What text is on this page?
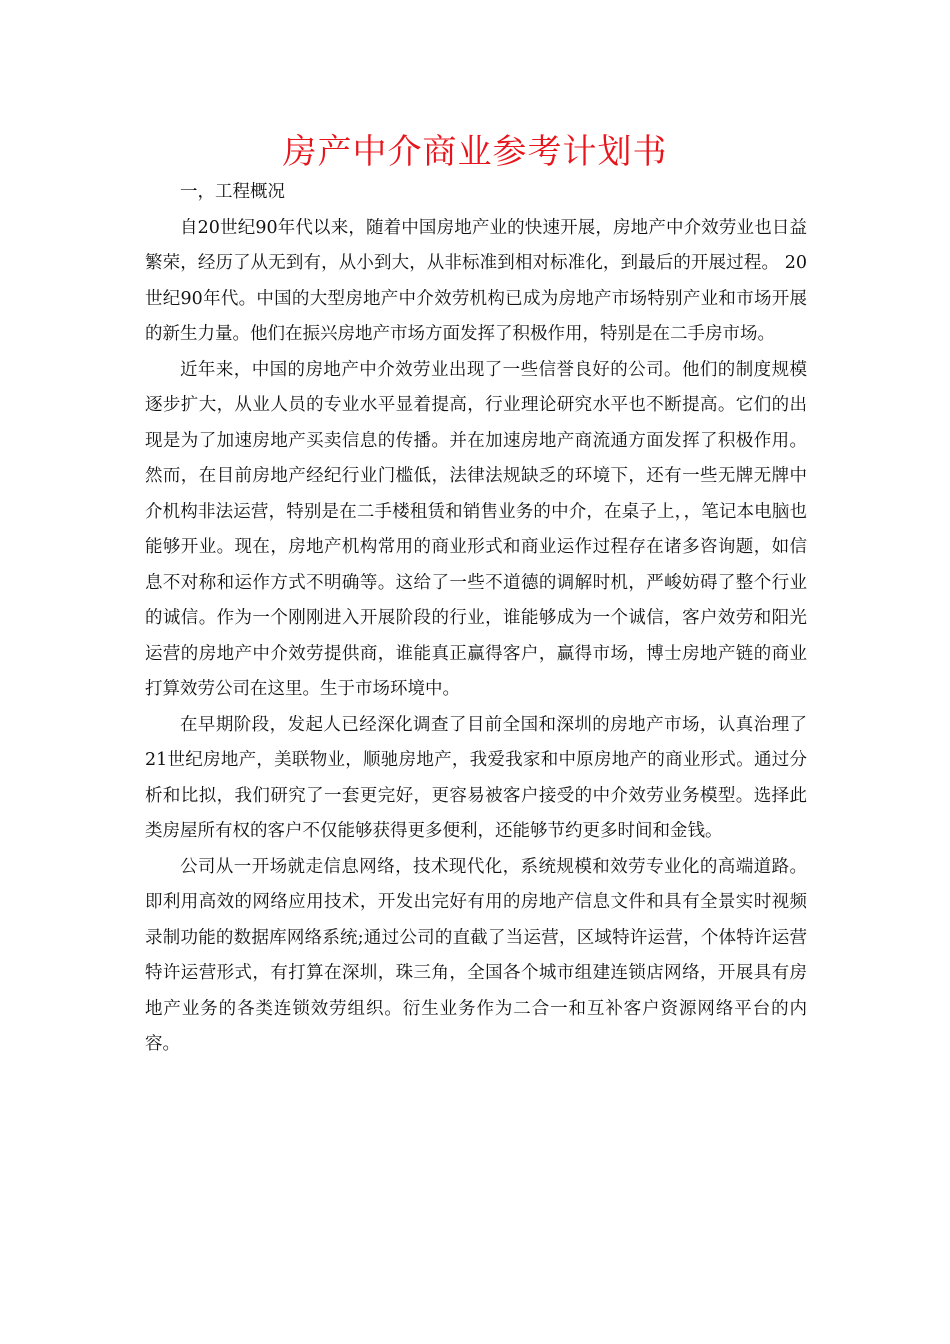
房产中介商业参考计划书

一，工程概况

自20世纪90年代以来，随着中国房地产业的快速开展，房地产中介效劳业也日益繁荣，经历了从无到有，从小到大，从非标准到相对标准化，到最后的开展过程。 20世纪90年代。中国的大型房地产中介效劳机构已成为房地产市场特别产业和市场开展的新生力量。他们在振兴房地产市场方面发挥了积极作用，特别是在二手房市场。

近年来，中国的房地产中介效劳业出现了一些信誉良好的公司。他们的制度规模逐步扩大，从业人员的专业水平显着提高，行业理论研究水平也不断提高。它们的出现是为了加速房地产买卖信息的传播。并在加速房地产商流通方面发挥了积极作用。然而，在目前房地产经纪行业门槛低，法律法规缺乏的环境下，还有一些无牌无牌中介机构非法运营，特别是在二手楼租赁和销售业务的中介，在桌子上，，笔记本电脑也能够开业。现在，房地产机构常用的商业形式和商业运作过程存在诸多咨询题，如信息不对称和运作方式不明确等。这给了一些不道德的调解时机，严峻妨碍了整个行业的诚信。作为一个刚刚进入开展阶段的行业，谁能够成为一个诚信，客户效劳和阳光运营的房地产中介效劳提供商，谁能真正赢得客户，赢得市场，博士房地产链的商业打算效劳公司在这里。生于市场环境中。

在早期阶段，发起人已经深化调查了目前全国和深圳的房地产市场，认真治理了21世纪房地产，美联物业，顺驰房地产，我爱我家和中原房地产的商业形式。通过分析和比拟，我们研究了一套更完好，更容易被客户接受的中介效劳业务模型。选择此类房屋所有权的客户不仅能够获得更多便利，还能够节约更多时间和金钱。

公司从一开场就走信息网络，技术现代化，系统规模和效劳专业化的高端道路。即利用高效的网络应用技术，开发出完好有用的房地产信息文件和具有全景实时视频录制功能的数据库网络系统;通过公司的直截了当运营，区域特许运营，个体特许运营特许运营形式，有打算在深圳，珠三角，全国各个城市组建连锁店网络，开展具有房地产业务的各类连锁效劳组织。衍生业务作为二合一和互补客户资源网络平台的内容。
